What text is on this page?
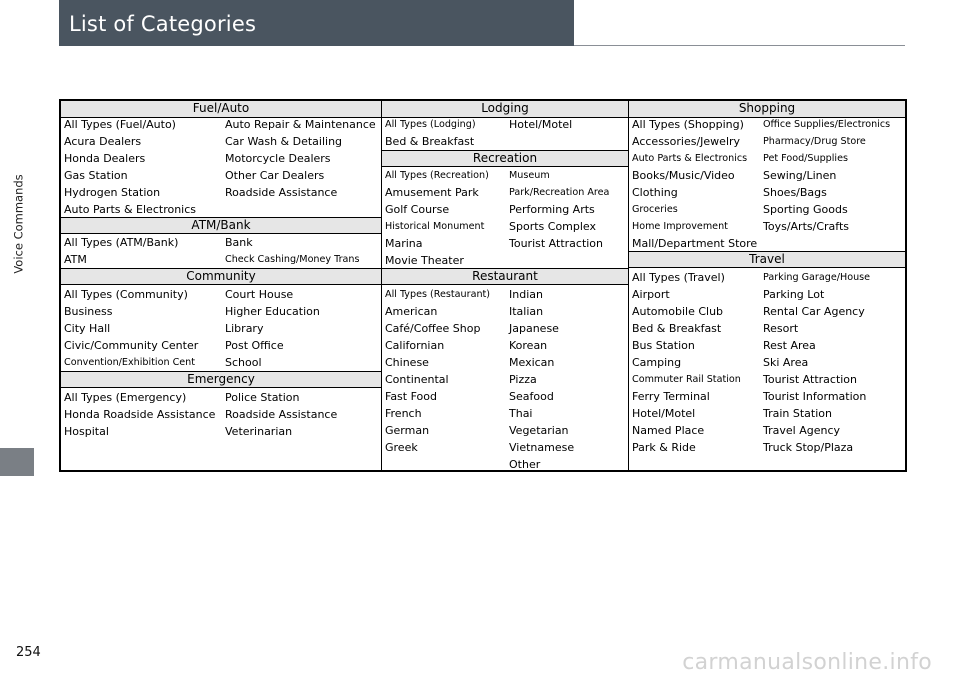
List of Categories
Voice Commands
Fuel/Auto
ATM/Bank
Community
Emergency
Lodging
Recreation
Restaurant
Shopping
Travel
All Types (Fuel/Auto)
Acura Dealers
Honda Dealers
Gas Station
Hydrogen Station
Auto Parts & Electronics
Auto Repair & Maintenance
Car Wash & Detailing
Motorcycle Dealers
Other Car Dealers
Roadside Assistance
All Types (ATM/Bank)
ATM
Bank
Check Cashing/Money Trans
All Types (Community)
Business
City Hall
Civic/Community Center
Convention/Exhibition Cent
Court House
Higher Education
Library
Post Office
School
All Types (Emergency)
Honda Roadside Assistance
Hospital
Police Station
Roadside Assistance
Veterinarian
All Types (Lodging)
Bed & Breakfast
Hotel/Motel
All Types (Recreation)
Amusement Park
Golf Course
Historical Monument
Marina
Movie Theater
Museum
Park/Recreation Area
Performing Arts
Sports Complex
Tourist Attraction
All Types (Restaurant)
American
Café/Coffee Shop
Californian
Chinese
Continental
Fast Food
French
German
Greek
Indian
Italian
Japanese
Korean
Mexican
Pizza
Seafood
Thai
Vegetarian
Vietnamese
Other
All Types (Shopping)
Accessories/Jewelry
Auto Parts & Electronics
Books/Music/Video
Clothing
Groceries
Home Improvement
Mall/Department Store
Office Supplies/Electronics
Pharmacy/Drug Store
Pet Food/Supplies
Sewing/Linen
Shoes/Bags
Sporting Goods
Toys/Arts/Crafts
All Types (Travel)
Airport
Automobile Club
Bed & Breakfast
Bus Station
Camping
Commuter Rail Station
Ferry Terminal
Hotel/Motel
Named Place
Park & Ride
Parking Garage/House
Parking Lot
Rental Car Agency
Resort
Rest Area
Ski Area
Tourist Attraction
Tourist Information
Train Station
Travel Agency
Truck Stop/Plaza
254	carmanualsonline.info
